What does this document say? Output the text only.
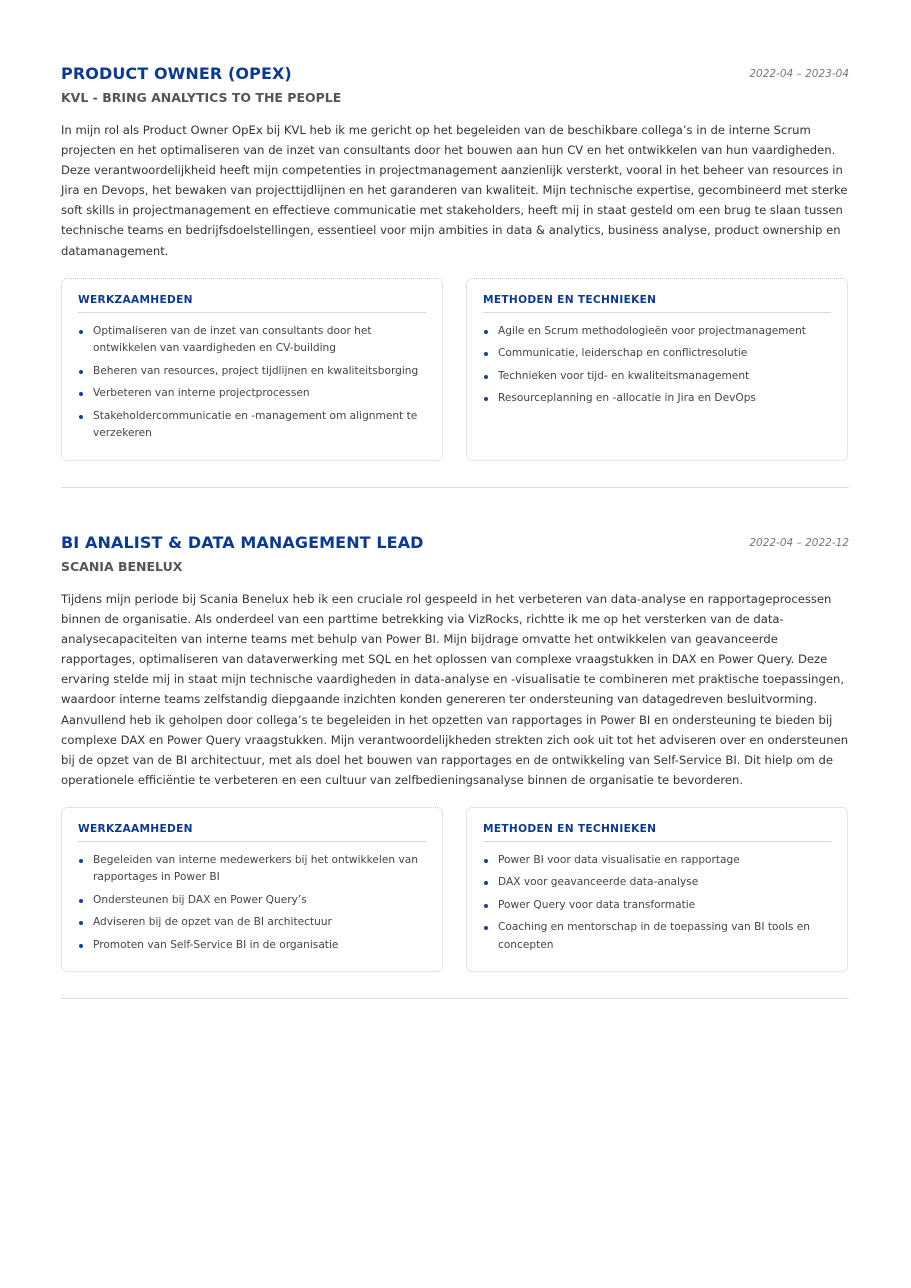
PRODUCT OWNER (OPEX)	2022-04 – 2023-04
KVL - BRING ANALYTICS TO THE PEOPLE

In mijn rol als Product Owner OpEx bij KVL heb ik me gericht op het begeleiden van de beschikbare collega’s in de interne Scrum projecten en het optimaliseren van de inzet van consultants door het bouwen aan hun CV en het ontwikkelen van hun vaardigheden. Deze verantwoordelijkheid heeft mijn competenties in projectmanagement aanzienlijk versterkt, vooral in het beheer van resources in Jira en Devops, het bewaken van projecttijdlijnen en het garanderen van kwaliteit. Mijn technische expertise, gecombineerd met sterke soft skills in projectmanagement en effectieve communicatie met stakeholders, heeft mij in staat gesteld om een brug te slaan tussen technische teams en bedrijfsdoelstellingen, essentieel voor mijn ambities in data & analytics, business analyse, product ownership en datamanagement.

WERKZAAMHEDEN
Optimaliseren van de inzet van consultants door het ontwikkelen van vaardigheden en CV-building
Beheren van resources, project tijdlijnen en kwaliteitsborging
Verbeteren van interne projectprocessen
Stakeholdercommunicatie en -management om alignment te verzekeren
METHODEN EN TECHNIEKEN
Agile en Scrum methodologieën voor projectmanagement
Communicatie, leiderschap en conflictresolutie
Technieken voor tijd- en kwaliteitsmanagement
Resourceplanning en -allocatie in Jira en DevOps
BI ANALIST & DATA MANAGEMENT LEAD	2022-04 – 2022-12
SCANIA BENELUX

Tijdens mijn periode bij Scania Benelux heb ik een cruciale rol gespeeld in het verbeteren van data-analyse en rapportageprocessen binnen de organisatie. Als onderdeel van een parttime betrekking via VizRocks, richtte ik me op het versterken van de data-analysecapaciteiten van interne teams met behulp van Power BI. Mijn bijdrage omvatte het ontwikkelen van geavanceerde rapportages, optimaliseren van dataverwerking met SQL en het oplossen van complexe vraagstukken in DAX en Power Query. Deze ervaring stelde mij in staat mijn technische vaardigheden in data-analyse en -visualisatie te combineren met praktische toepassingen, waardoor interne teams zelfstandig diepgaande inzichten konden genereren ter ondersteuning van datagedreven besluitvorming. Aanvullend heb ik geholpen door collega’s te begeleiden in het opzetten van rapportages in Power BI en ondersteuning te bieden bij complexe DAX en Power Query vraagstukken. Mijn verantwoordelijkheden strekten zich ook uit tot het adviseren over en ondersteunen bij de opzet van de BI architectuur, met als doel het bouwen van rapportages en de ontwikkeling van Self-Service BI. Dit hielp om de operationele efficiëntie te verbeteren en een cultuur van zelfbedieningsanalyse binnen de organisatie te bevorderen.

WERKZAAMHEDEN
Begeleiden van interne medewerkers bij het ontwikkelen van rapportages in Power BI
Ondersteunen bij DAX en Power Query’s
Adviseren bij de opzet van de BI architectuur
Promoten van Self-Service BI in de organisatie
METHODEN EN TECHNIEKEN
Power BI voor data visualisatie en rapportage
DAX voor geavanceerde data-analyse
Power Query voor data transformatie
Coaching en mentorschap in de toepassing van BI tools en concepten
